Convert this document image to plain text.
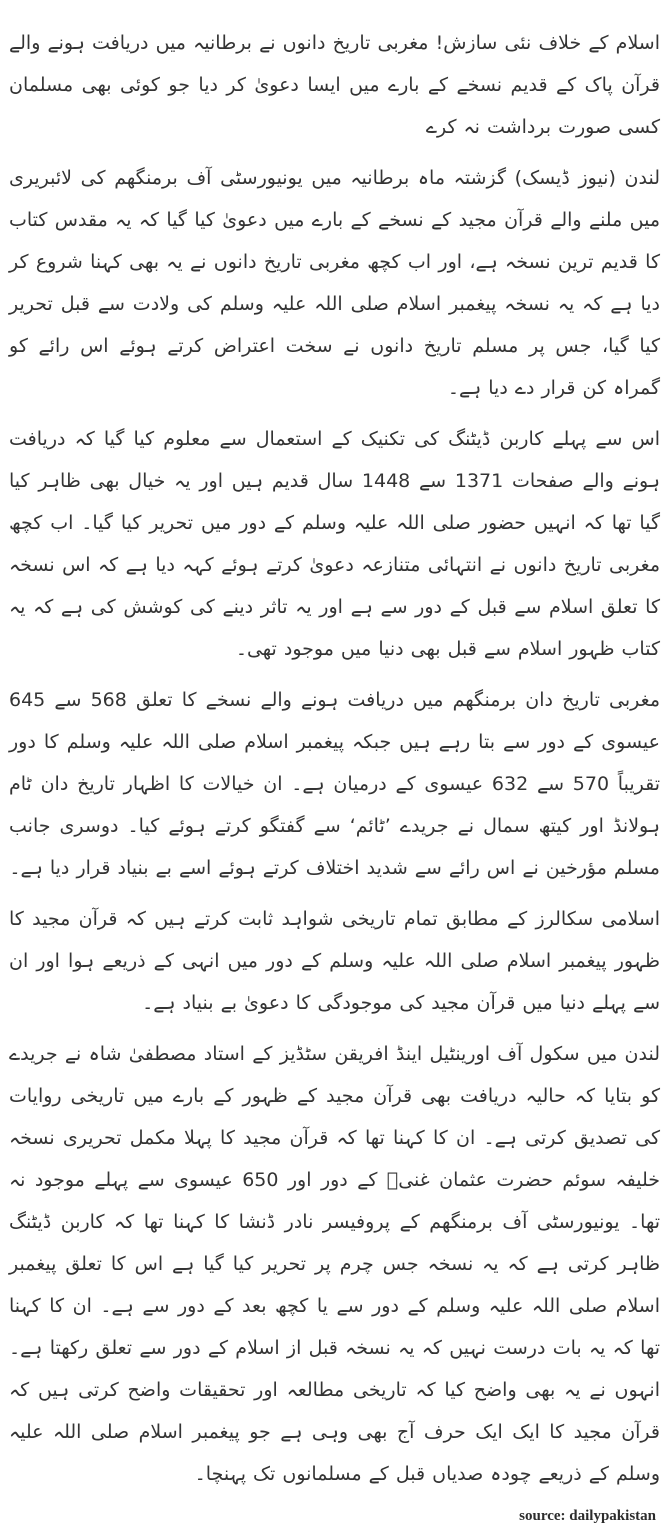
اسلام کے خلاف نئی سازش! مغربی تاریخ دانوں نے برطانیہ میں دریافت ہونے والے قرآن پاک کے قدیم نسخے کے بارے میں ایسا دعویٰ کر دیا جو کوئی بھی مسلمان کسی صورت برداشت نہ کرے

لندن (نیوز ڈیسک) گزشتہ ماہ برطانیہ میں یونیورسٹی آف برمنگھم کی لائبریری میں ملنے والے قرآن مجید کے نسخے کے بارے میں دعویٰ کیا گیا کہ یہ مقدس کتاب کا قدیم ترین نسخہ ہے، اور اب کچھ مغربی تاریخ دانوں نے یہ بھی کہنا شروع کر دیا ہے کہ یہ نسخہ پیغمبر اسلام صلی اللہ علیہ وسلم کی ولادت سے قبل تحریر کیا گیا، جس پر مسلم تاریخ دانوں نے سخت اعتراض کرتے ہوئے اس رائے کو گمراہ کن قرار دے دیا ہے۔

اس سے پہلے کاربن ڈیٹنگ کی تکنیک کے استعمال سے معلوم کیا گیا کہ دریافت ہونے والے صفحات 1371 سے 1448 سال قدیم ہیں اور یہ خیال بھی ظاہر کیا گیا تھا کہ انہیں حضور صلی اللہ علیہ وسلم کے دور میں تحریر کیا گیا۔ اب کچھ مغربی تاریخ دانوں نے انتہائی متنازعہ دعویٰ کرتے ہوئے کہہ دیا ہے کہ اس نسخہ کا تعلق اسلام سے قبل کے دور سے ہے اور یہ تاثر دینے کی کوشش کی ہے کہ یہ کتاب ظہور اسلام سے قبل بھی دنیا میں موجود تھی۔

مغربی تاریخ دان برمنگھم میں دریافت ہونے والے نسخے کا تعلق 568 سے 645 عیسوی کے دور سے بتا رہے ہیں جبکہ پیغمبر اسلام صلی اللہ علیہ وسلم کا دور تقریباً 570 سے 632 عیسوی کے درمیان ہے۔ ان خیالات کا اظہار تاریخ دان ٹام ہولانڈ اور کیتھ سمال نے جریدے ’ٹائم‘ سے گفتگو کرتے ہوئے کیا۔ دوسری جانب مسلم مؤرخین نے اس رائے سے شدید اختلاف کرتے ہوئے اسے بے بنیاد قرار دیا ہے۔

اسلامی سکالرز کے مطابق تمام تاریخی شواہد ثابت کرتے ہیں کہ قرآن مجید کا ظہور پیغمبر اسلام صلی اللہ علیہ وسلم کے دور میں انہی کے ذریعے ہوا اور ان سے پہلے دنیا میں قرآن مجید کی موجودگی کا دعویٰ بے بنیاد ہے۔

لندن میں سکول آف اورینٹیل اینڈ افریقن سٹڈیز کے استاد مصطفیٰ شاہ نے جریدے کو بتایا کہ حالیہ دریافت بھی قرآن مجید کے ظہور کے بارے میں تاریخی روایات کی تصدیق کرتی ہے۔ ان کا کہنا تھا کہ قرآن مجید کا پہلا مکمل تحریری نسخہ خلیفہ سوئم حضرت عثمان غنیؓ کے دور اور 650 عیسوی سے پہلے موجود نہ تھا۔ یونیورسٹی آف برمنگھم کے پروفیسر نادر ڈنشا کا کہنا تھا کہ کاربن ڈیٹنگ ظاہر کرتی ہے کہ یہ نسخہ جس چرم پر تحریر کیا گیا ہے اس کا تعلق پیغمبر اسلام صلی اللہ علیہ وسلم کے دور سے یا کچھ بعد کے دور سے ہے۔ ان کا کہنا تھا کہ یہ بات درست نہیں کہ یہ نسخہ قبل از اسلام کے دور سے تعلق رکھتا ہے۔ انہوں نے یہ بھی واضح کیا کہ تاریخی مطالعہ اور تحقیقات واضح کرتی ہیں کہ قرآن مجید کا ایک ایک حرف آج بھی وہی ہے جو پیغمبر اسلام صلی اللہ علیہ وسلم کے ذریعے چودہ صدیاں قبل کے مسلمانوں تک پہنچا۔

source: dailypakistan
